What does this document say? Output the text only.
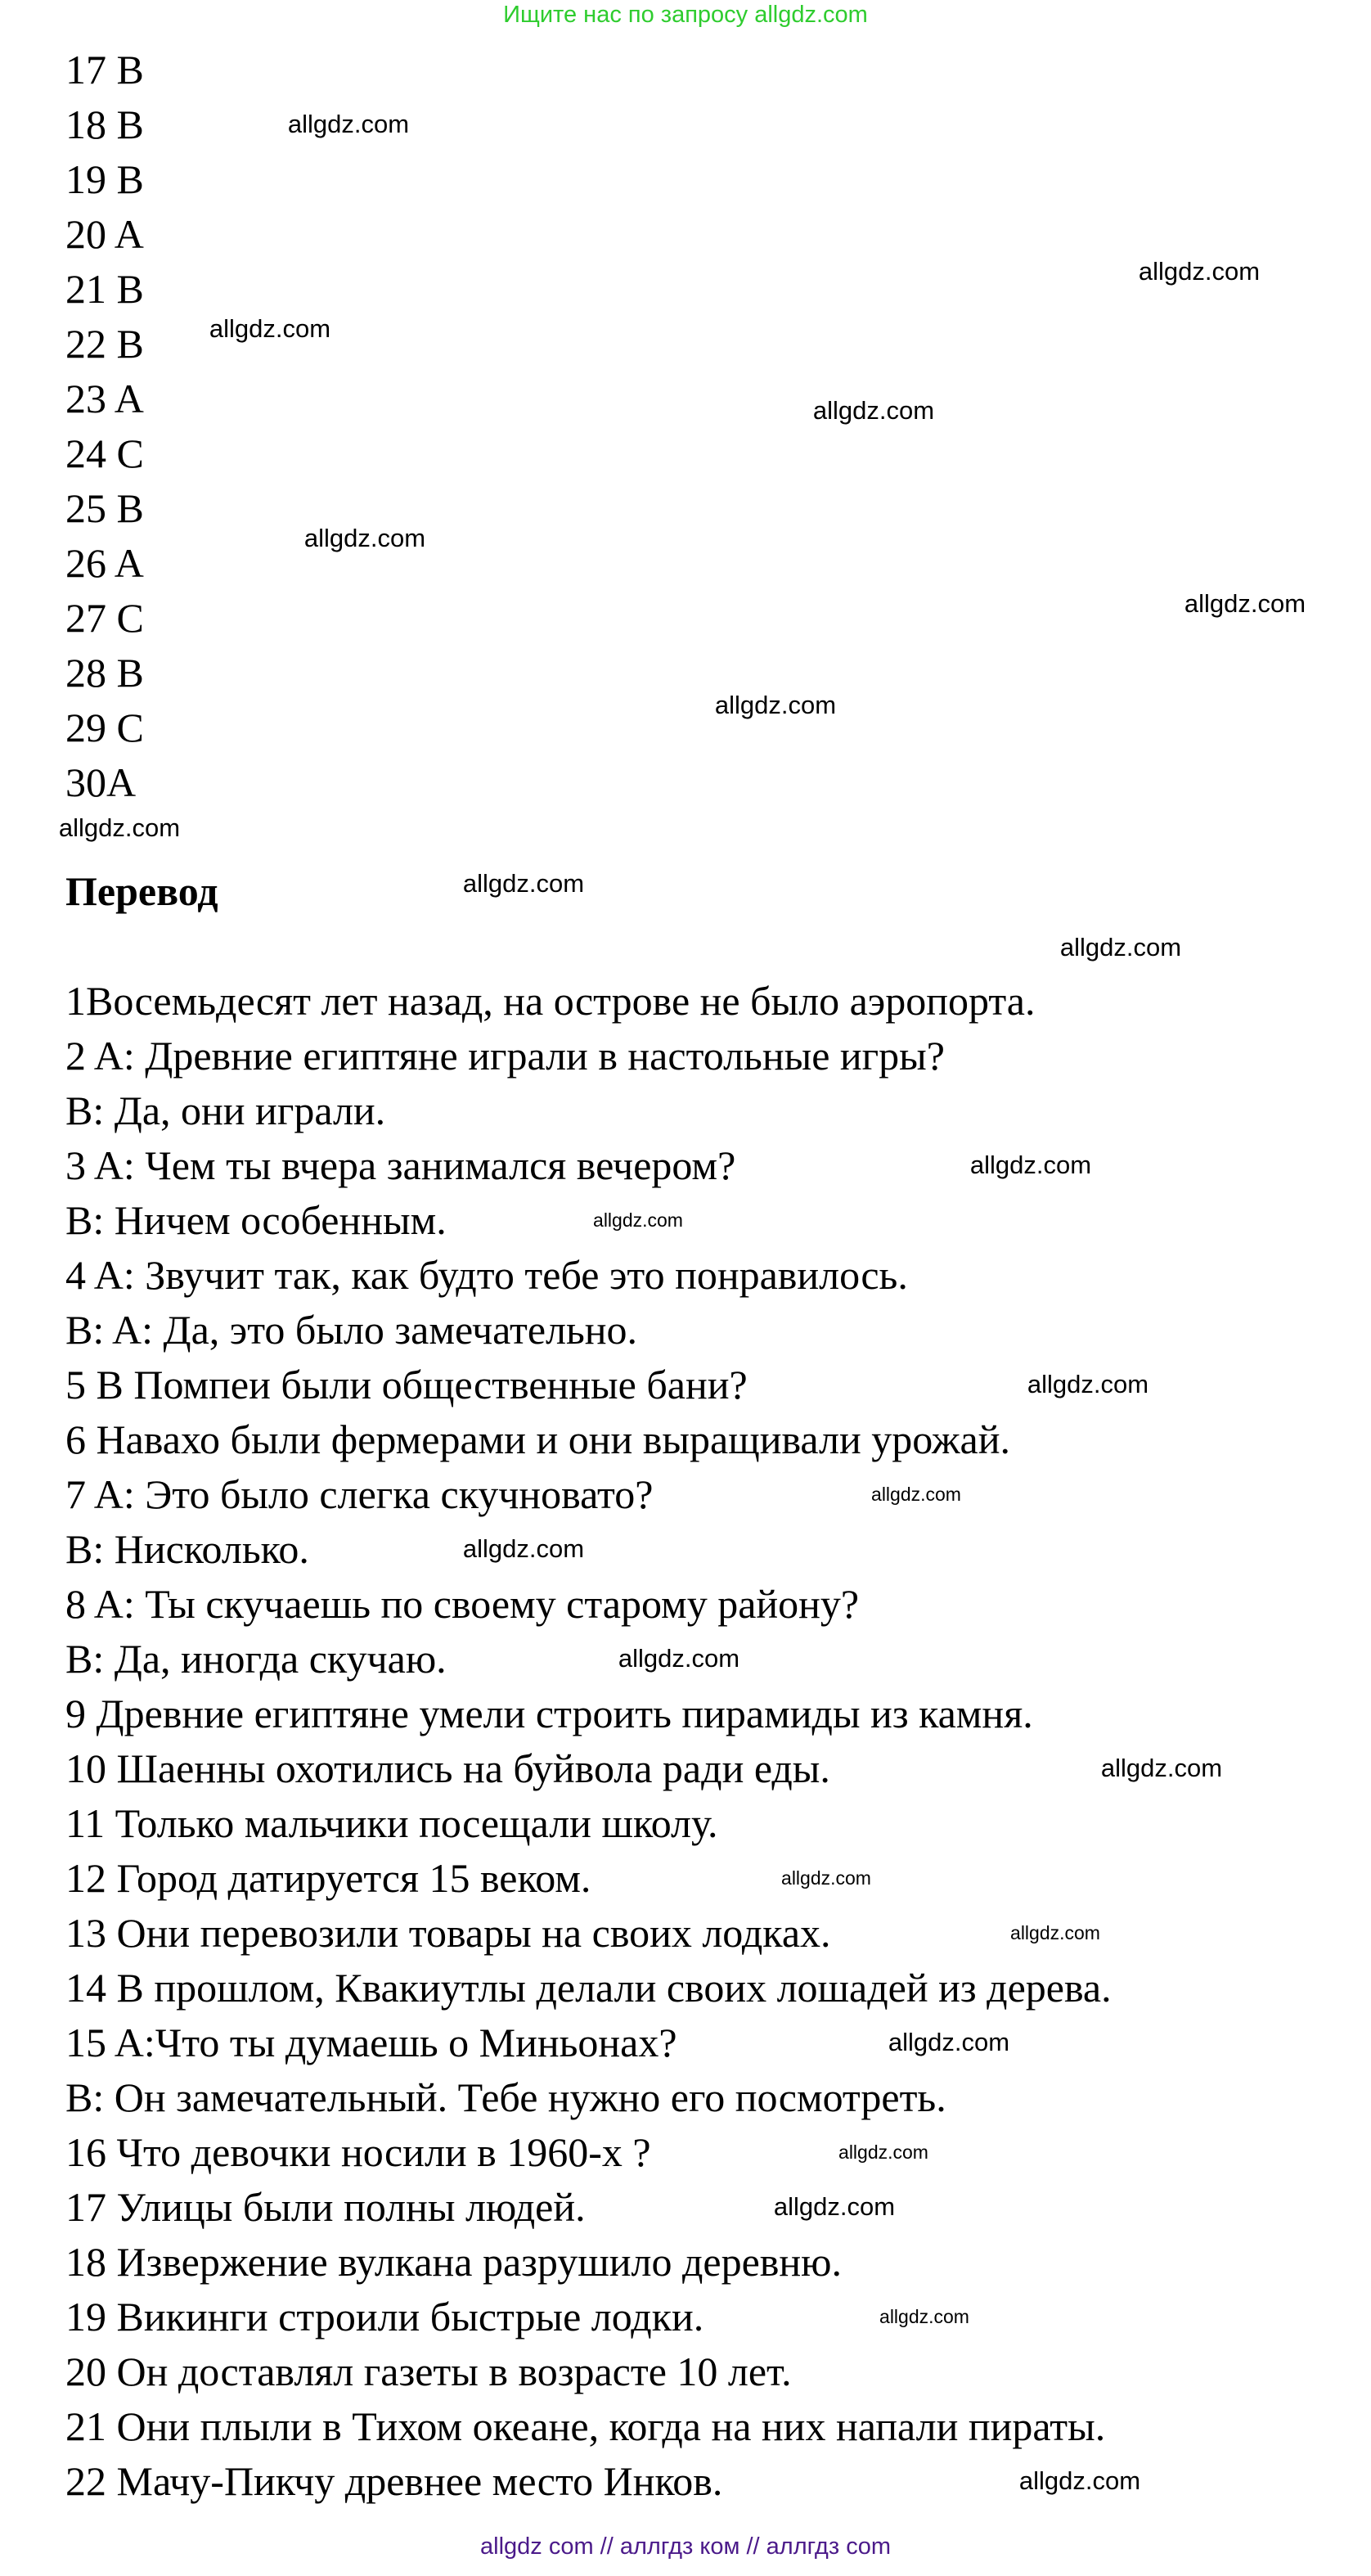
Ищите нас по запросу allgdz.com
17 B
18 B
19 B
20 A
21 B
22 B
23 A
24 C
25 B
26 A
27 C
28 B
29 C
30A
Перевод
1Восемьдесят лет назад, на острове не было аэропорта.
2 A: Древние египтяне играли в настольные игры?
B: Да, они играли.
3 A: Чем ты вчера занимался вечером?
B: Ничем особенным.
4 A: Звучит так, как будто тебе это понравилось.
B: A: Да, это было замечательно.
5 В Помпеи были общественные бани?
6 Навахо были фермерами и они выращивали урожай.
7 A: Это было слегка скучновато?
B: Нисколько.
8 A: Ты скучаешь по своему старому району?
B: Да, иногда скучаю.
9 Древние египтяне умели строить пирамиды из камня.
10 Шаенны охотились на буйвола ради еды.
11 Только мальчики посещали школу.
12 Город датируется 15 веком.
13 Они перевозили товары на своих лодках.
14 В прошлом, Квакиутлы делали своих лошадей из дерева.
15 A:Что ты думаешь о Миньонах?
B: Он замечательный. Тебе нужно его посмотреть.
16 Что девочки носили в 1960-х ?
17 Улицы были полны людей.
18 Извержение вулкана разрушило деревню.
19 Викинги строили быстрые лодки.
20 Он доставлял газеты в возрасте 10 лет.
21 Они плыли в Тихом океане, когда на них напали пираты.
22 Мачу-Пикчу древнее место Инков.
allgdz.com
allgdz.com
allgdz.com
allgdz.com
allgdz.com
allgdz.com
allgdz.com
allgdz.com
allgdz.com
allgdz.com
allgdz.com
allgdz.com
allgdz.com
allgdz.com
allgdz.com
allgdz.com
allgdz.com
allgdz.com
allgdz.com
allgdz.com
allgdz.com
allgdz.com
allgdz.com
allgdz.com
allgdz com // аллгдз ком // аллгдз com
